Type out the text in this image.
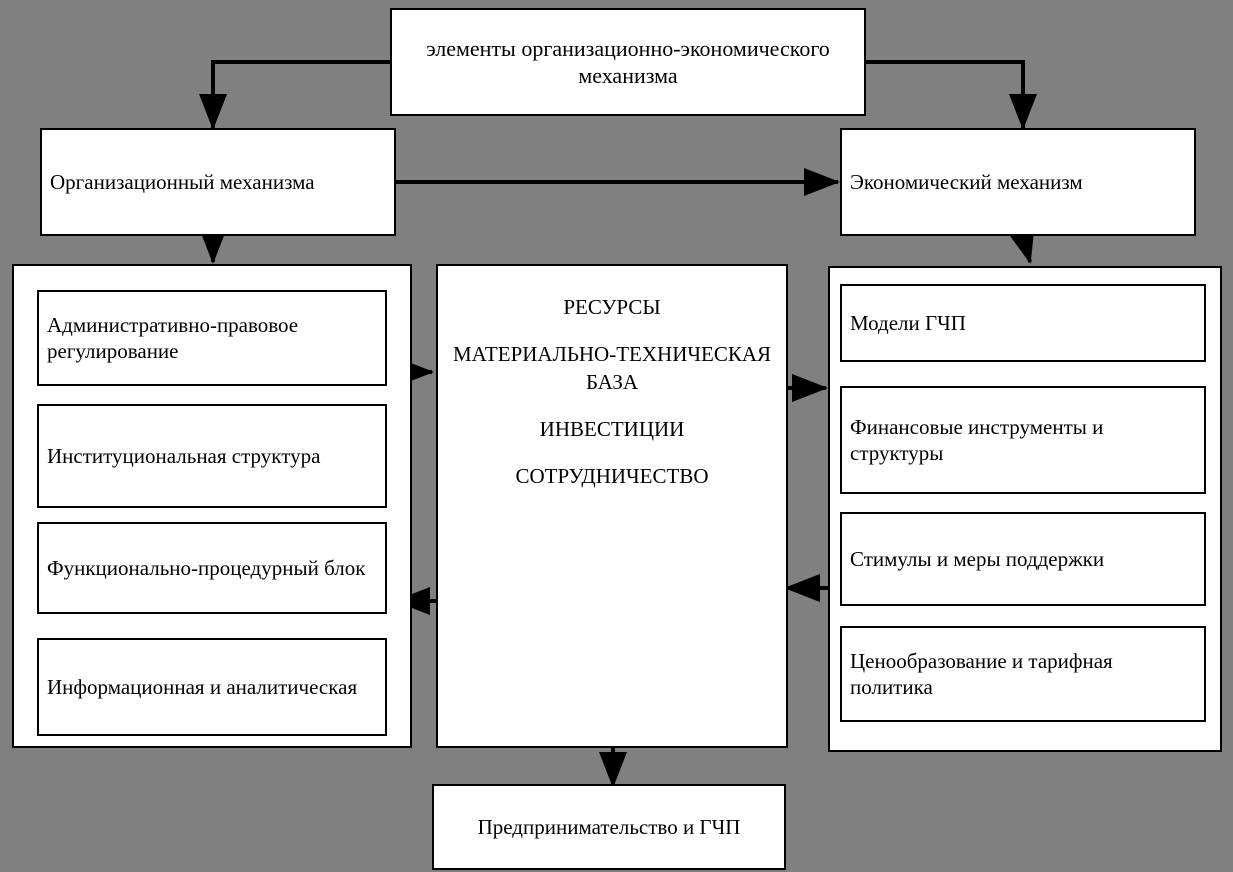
элементы организационно-экономического механизма
Организационный механизма	Экономический механизм
Административно-правовое регулирование
Институциональная структура
Функционально-процедурный блок
Информационная и аналитическая
РЕСУРСЫ
МАТЕРИАЛЬНО-ТЕХНИЧЕСКАЯ БАЗА
ИНВЕСТИЦИИ
СОТРУДНИЧЕСТВО
Модели ГЧП
Финансовые инструменты и структуры
Стимулы и меры поддержки
Ценообразование и тарифная политика
Предпринимательство и ГЧП
